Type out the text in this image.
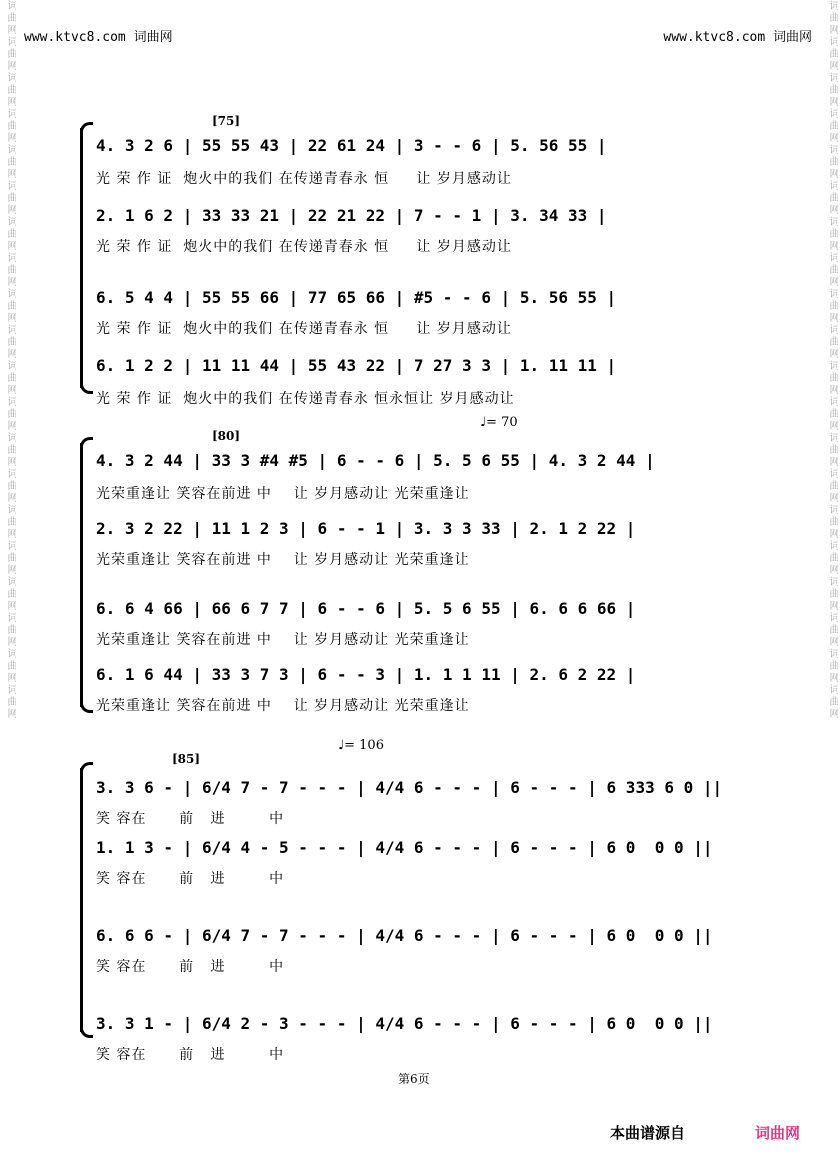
www.ktvc8.com 词曲网	www.ktvc8.com 词曲网
词曲网词曲网词曲网词曲网词曲网词曲网词曲网词曲网词曲网词曲网词曲网词曲网词曲网词曲网词曲网词曲网词曲网词曲网词曲网词曲网	词曲网词曲网词曲网词曲网词曲网词曲网词曲网词曲网词曲网词曲网词曲网词曲网词曲网词曲网词曲网词曲网词曲网词曲网词曲网词曲网
[75]
4. 3 2 6 | 55 55 43 | 22 61 24 | 3 - - 6 | 5. 56 55 |
光 荣 作 证  炮火中的我们 在传递青春永 恒     让 岁月感动让
2. 1 6 2 | 33 33 21 | 22 21 22 | 7 - - 1 | 3. 34 33 |
光 荣 作 证  炮火中的我们 在传递青春永 恒     让 岁月感动让
6. 5 4 4 | 55 55 66 | 77 65 66 | #5 - - 6 | 5. 56 55 |
光 荣 作 证  炮火中的我们 在传递青春永 恒     让 岁月感动让
6. 1 2 2 | 11 11 44 | 55 43 22 | 7 27 3 3 | 1. 11 11 |
光 荣 作 证  炮火中的我们 在传递青春永 恒永恒让 岁月感动让
♩= 70
[80]
4. 3 2 44 | 33 3 #4 #5 | 6 - - 6 | 5. 5 6 55 | 4. 3 2 44 |
光荣重逢让 笑容在前进 中    让 岁月感动让 光荣重逢让
2. 3 2 22 | 11 1 2 3 | 6 - - 1 | 3. 3 3 33 | 2. 1 2 22 |
光荣重逢让 笑容在前进 中    让 岁月感动让 光荣重逢让
6. 6 4 66 | 66 6 7 7 | 6 - - 6 | 5. 5 6 55 | 6. 6 6 66 |
光荣重逢让 笑容在前进 中    让 岁月感动让 光荣重逢让
6. 1 6 44 | 33 3 7 3 | 6 - - 3 | 1. 1 1 11 | 2. 6 2 22 |
光荣重逢让 笑容在前进 中    让 岁月感动让 光荣重逢让
♩= 106
[85]
3. 3 6 - | 6/4 7 - 7 - - - | 4/4 6 - - - | 6 - - - | 6 333 6 0 ||
笑 容在      前   进        中
1. 1 3 - | 6/4 4 - 5 - - - | 4/4 6 - - - | 6 - - - | 6 0  0 0 ||
笑 容在      前   进        中
6. 6 6 - | 6/4 7 - 7 - - - | 4/4 6 - - - | 6 - - - | 6 0  0 0 ||
笑 容在      前   进        中
3. 3 1 - | 6/4 2 - 3 - - - | 4/4 6 - - - | 6 - - - | 6 0  0 0 ||
笑 容在      前   进        中
第6页
本曲谱源自	词曲网
